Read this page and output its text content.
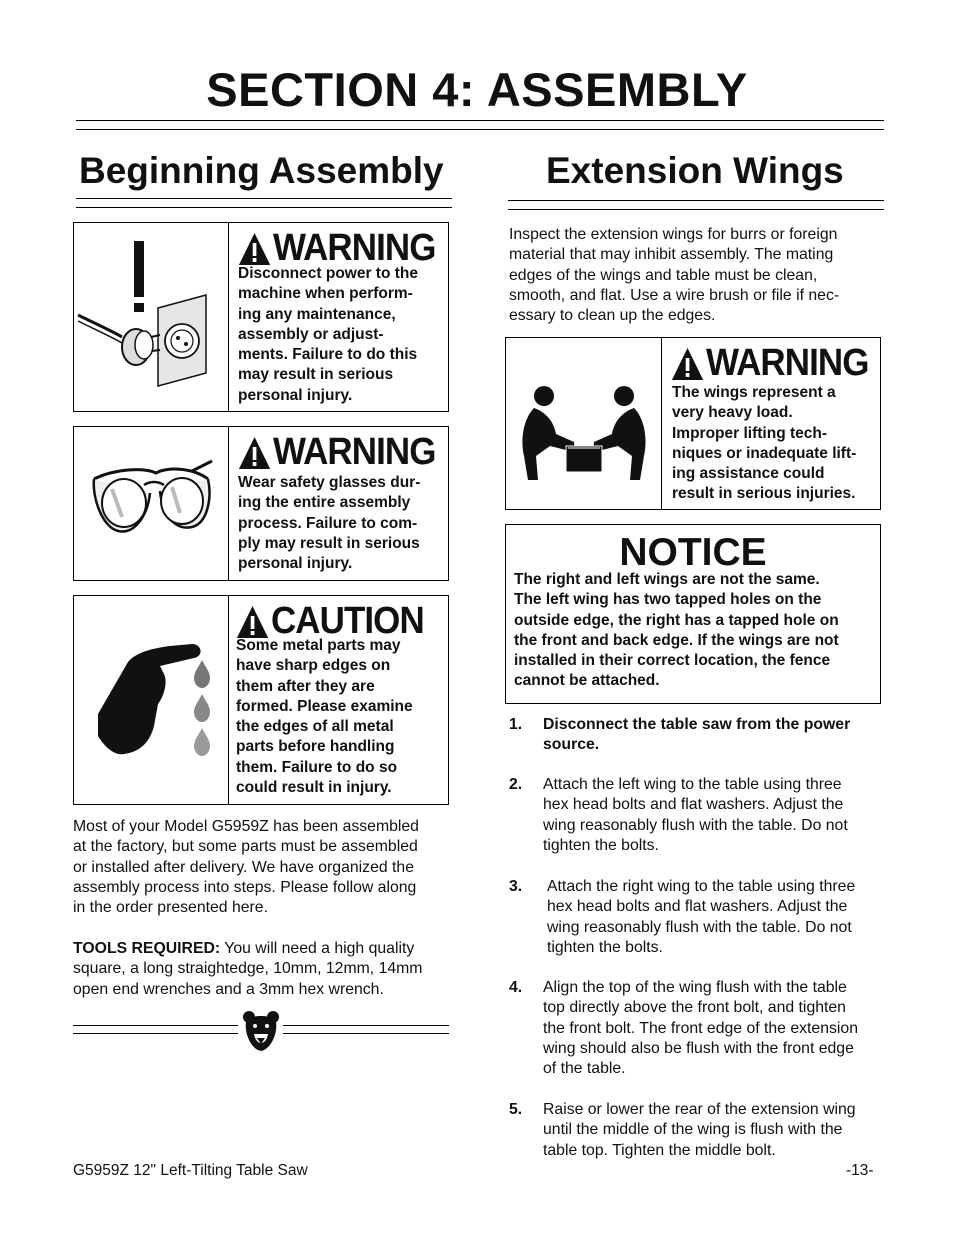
SECTION 4: ASSEMBLY
Beginning Assembly
WARNING
Disconnect power to the
machine when perform-
ing any maintenance,
assembly or adjust-
ments. Failure to do this
may result in serious
personal injury.
WARNING
Wear safety glasses dur-
ing the entire assembly
process. Failure to com-
ply may result in serious
personal injury.
CAUTION
Some metal parts may
have sharp edges on
them after they are
formed. Please examine
the edges of all metal
parts before handling
them. Failure to do so
could result in injury.
Most of your Model G5959Z has been assembled
at the factory, but some parts must be assembled
or installed after delivery. We have organized the
assembly process into steps. Please follow along
in the order presented here.
TOOLS REQUIRED: You will need a high quality
square, a long straightedge, 10mm, 12mm, 14mm
open end wrenches and a 3mm hex wrench.
Extension Wings
Inspect the extension wings for burrs or foreign
material that may inhibit assembly. The mating
edges of the wings and table must be clean,
smooth, and flat. Use a wire brush or file if nec-
essary to clean up the edges.
WARNING
The wings represent a
very heavy load.
Improper lifting tech-
niques or inadequate lift-
ing assistance could
result in serious injuries.
NOTICE
The right and left wings are not the same.
The left wing has two tapped holes on the
outside edge, the right has a tapped hole on
the front and back edge. If the wings are not
installed in their correct location, the fence
cannot be attached.
1. Disconnect the table saw from the power
source.
2. Attach the left wing to the table using three
hex head bolts and flat washers. Adjust the
wing reasonably flush with the table. Do not
tighten the bolts.
3. Attach the right wing to the table using three
hex head bolts and flat washers. Adjust the
wing reasonably flush with the table. Do not
tighten the bolts.
4. Align the top of the wing flush with the table
top directly above the front bolt, and tighten
the front bolt. The front edge of the extension
wing should also be flush with the front edge
of the table.
5. Raise or lower the rear of the extension wing
until the middle of the wing is flush with the
table top. Tighten the middle bolt.
G5959Z 12" Left-Tilting Table Saw	-13-
